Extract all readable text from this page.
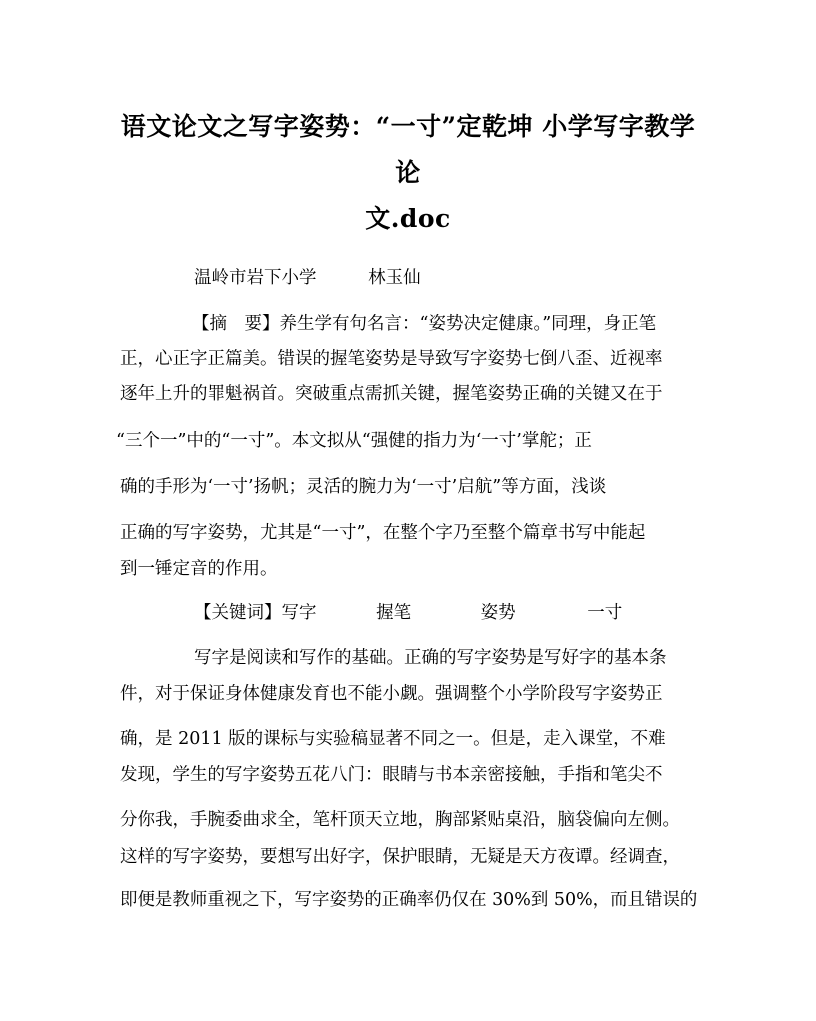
语文论文之写字姿势：“一寸”定乾坤 小学写字教学论
文.doc
温岭市岩下小学	林玉仙
【摘　要】养生学有句名言：“姿势决定健康。”同理，身正笔
正，心正字正篇美。错误的握笔姿势是导致写字姿势七倒八歪、近视率
逐年上升的罪魁祸首。突破重点需抓关键，握笔姿势正确的关键又在于
“三个一”中的“一寸”。本文拟从“强健的指力为‘一寸’掌舵；正
确的手形为‘一寸’扬帆；灵活的腕力为‘一寸’启航”等方面，浅谈
正确的写字姿势，尤其是“一寸”，在整个字乃至整个篇章书写中能起
到一锤定音的作用。
【关键词】写字	握笔	姿势	一寸
写字是阅读和写作的基础。正确的写字姿势是写好字的基本条
件，对于保证身体健康发育也不能小觑。强调整个小学阶段写字姿势正
确，是 2011 版的课标与实验稿显著不同之一。但是，走入课堂，不难
发现，学生的写字姿势五花八门：眼睛与书本亲密接触，手指和笔尖不
分你我，手腕委曲求全，笔杆顶天立地，胸部紧贴桌沿，脑袋偏向左侧。
这样的写字姿势，要想写出好字，保护眼睛，无疑是天方夜谭。经调查，
即便是教师重视之下，写字姿势的正确率仍仅在 30%到 50%，而且错误的
